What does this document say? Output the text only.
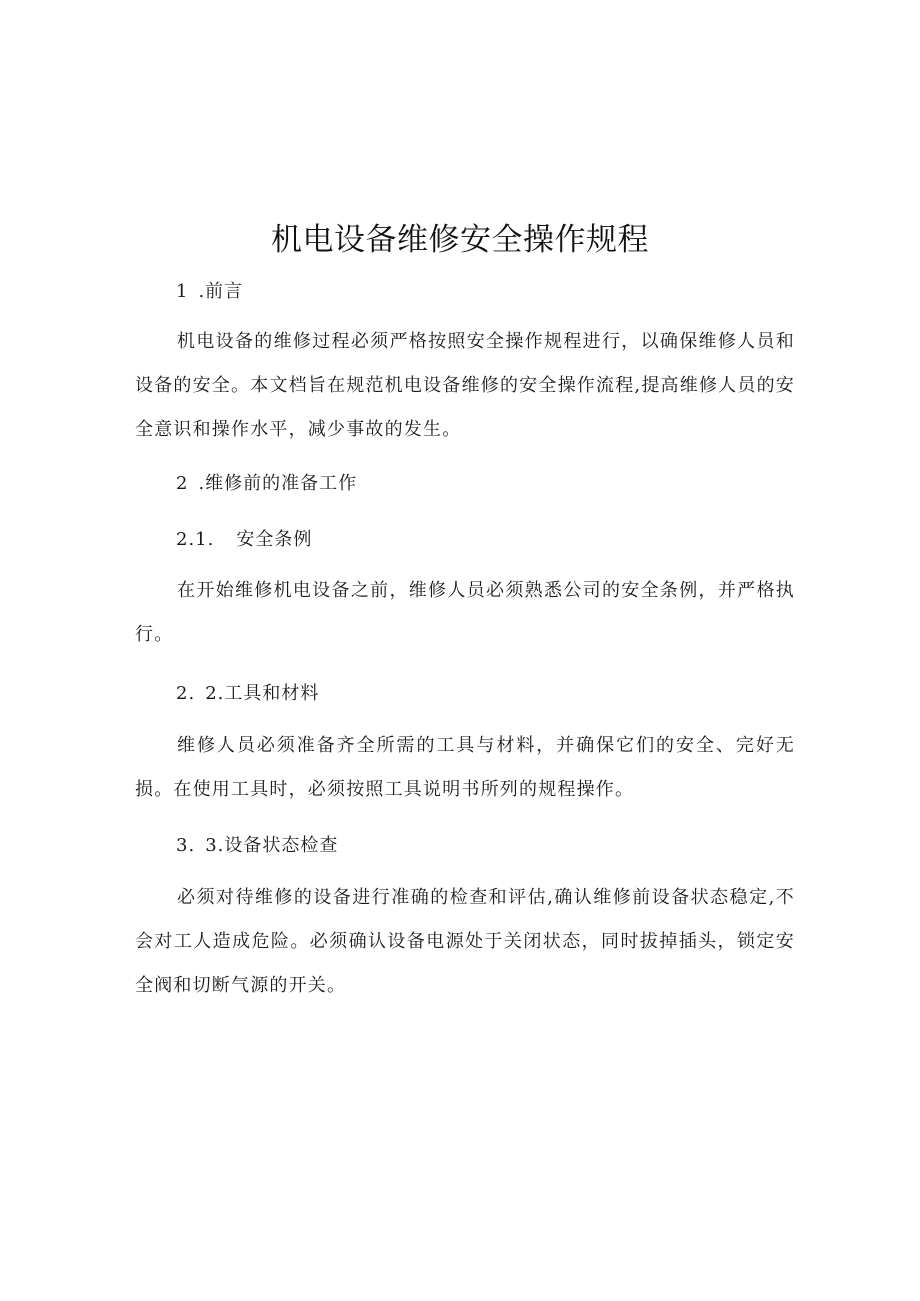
机电设备维修安全操作规程
1 .前言
机电设备的维修过程必须严格按照安全操作规程进行，以确保维修人员和设备的安全。本文档旨在规范机电设备维修的安全操作流程,提高维修人员的安全意识和操作水平，减少事故的发生。
2 .维修前的准备工作
2.1. 安全条例
在开始维修机电设备之前，维修人员必须熟悉公司的安全条例，并严格执行。
2. 2.工具和材料
维修人员必须准备齐全所需的工具与材料，并确保它们的安全、完好无损。在使用工具时，必须按照工具说明书所列的规程操作。
3. 3.设备状态检查
必须对待维修的设备进行准确的检查和评估,确认维修前设备状态稳定,不会对工人造成危险。必须确认设备电源处于关闭状态，同时拔掉插头，锁定安全阀和切断气源的开关。
